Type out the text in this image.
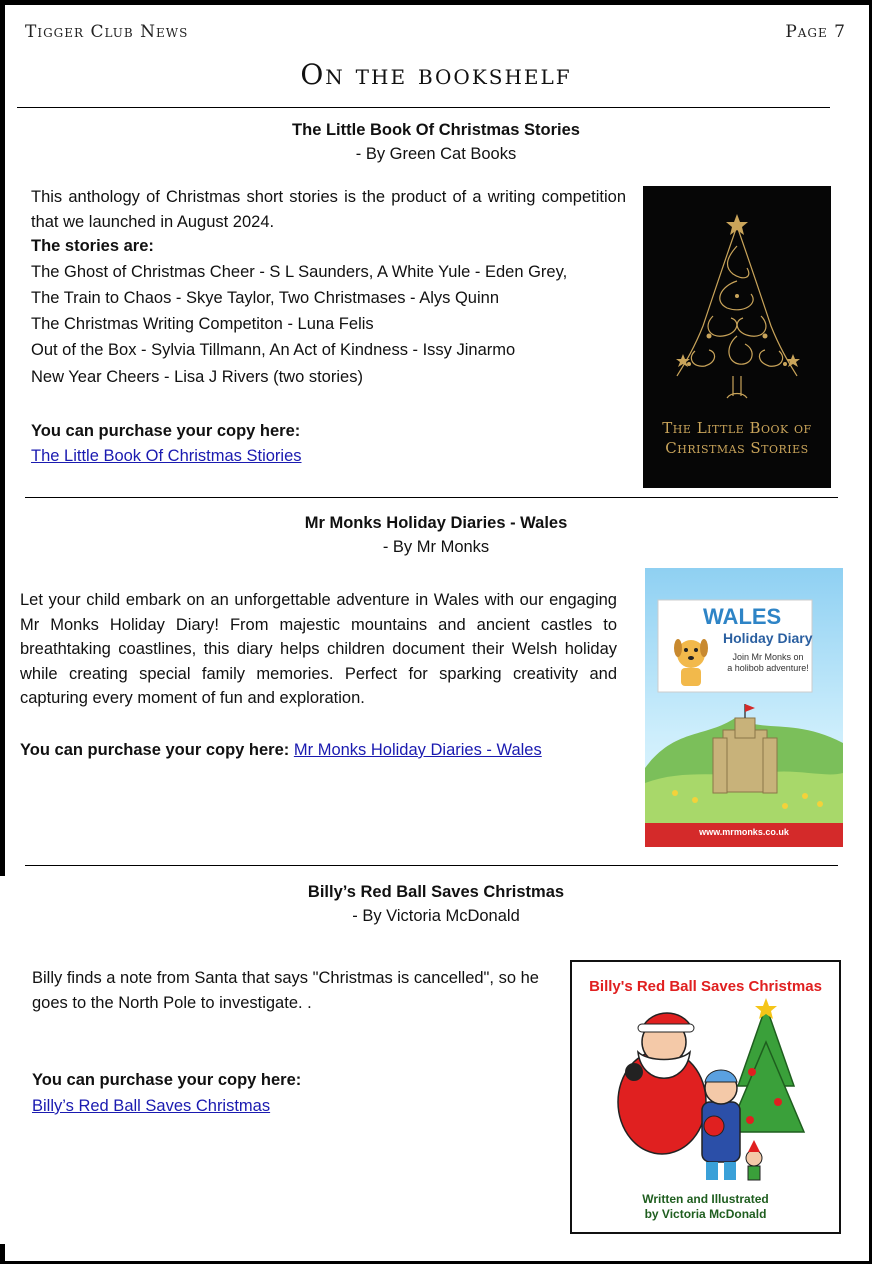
Tigger Club News	Page 7
On the bookshelf
The Little Book Of Christmas Stories
- By Green Cat Books

This anthology of Christmas short stories is the product of a writing competition that we launched in August 2024.

The stories are:

The Ghost of Christmas Cheer - S L Saunders, A White Yule - Eden Grey,
The Train to Chaos - Skye Taylor, Two Christmases - Alys Quinn
The Christmas Writing Competiton - Luna Felis
Out of the Box - Sylvia Tillmann, An Act of Kindness - Issy Jinarmo
New Year Cheers - Lisa J Rivers (two stories)
You can purchase your copy here:
The Little Book Of Christmas Stiories
The Little Book of
Christmas Stories
Mr Monks Holiday Diaries - Wales
- By Mr Monks
Let your child embark on an unforgettable adventure in Wales with our engaging Mr Monks Holiday Diary! From majestic mountains and ancient castles to breathtaking coastlines, this diary helps children document their Welsh holiday while creating special family memories. Perfect for sparking creativity and capturing every moment of fun and exploration.
You can purchase your copy here: Mr Monks Holiday Diaries - Wales
WALES
Holiday Diary
Join Mr Monks on
a holibob adventure!
www.mrmonks.co.uk
Billy’s Red Ball Saves Christmas
- By Victoria McDonald
Billy finds a note from Santa that says "Christmas is cancelled", so he goes to the North Pole to investigate. .
You can purchase your copy here:
Billy’s Red Ball Saves Christmas
Billy's Red Ball Saves Christmas
Written and Illustrated
by Victoria McDonald
